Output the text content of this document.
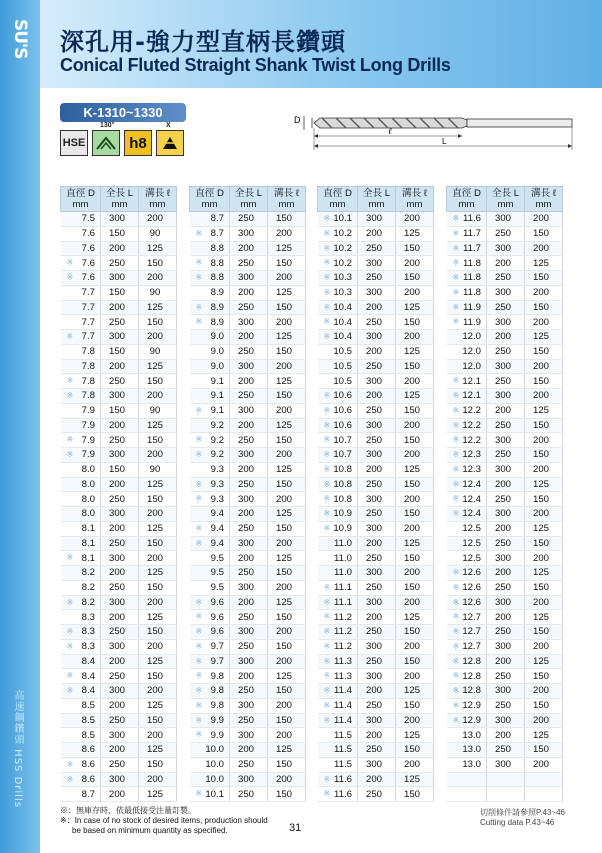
SU'S
高速鋼鑽頭 HSS Drills
深孔用-強力型直柄長鑽頭
Conical Fluted Straight Shank Twist Long Drills
K-1310~1330
HSE
130°
h8
X
D
ℓ
L
直徑 D
mm	全長 L
mm	溝長 ℓ
mm

7.5	300	200

7.6	150	90

7.6	200	125

※ 7.6	250	150

※ 7.6	300	200

7.7	150	90

7.7	200	125

7.7	250	150

※ 7.7	300	200

7.8	150	90

7.8	200	125

※ 7.8	250	150

※ 7.8	300	200

7.9	150	90

7.9	200	125

※ 7.9	250	150

※ 7.9	300	200

8.0	150	90

8.0	200	125

8.0	250	150

8.0	300	200

8.1	200	125

8.1	250	150

※ 8.1	300	200

8.2	200	125

8.2	250	150

※ 8.2	300	200

8.3	200	125

※ 8.3	250	150

※ 8.3	300	200

8.4	200	125

※ 8.4	250	150

※ 8.4	300	200

8.5	200	125

8.5	250	150

8.5	300	200

8.6	200	125

※ 8.6	250	150

※ 8.6	300	200

8.7	200	125
直徑 D
mm	全長 L
mm	溝長 ℓ
mm

8.7	250	150

※ 8.7	300	200

8.8	200	125

※ 8.8	250	150

※ 8.8	300	200

8.9	200	125

※ 8.9	250	150

※ 8.9	300	200

9.0	200	125

9.0	250	150

9.0	300	200

9.1	200	125

9.1	250	150

※ 9.1	300	200

9.2	200	125

※ 9.2	250	150

※ 9.2	300	200

9.3	200	125

※ 9.3	250	150

※ 9.3	300	200

9.4	200	125

※ 9.4	250	150

※ 9.4	300	200

9.5	200	125

9.5	250	150

9.5	300	200

※ 9.6	200	125

※ 9.6	250	150

※ 9.6	300	200

※ 9.7	250	150

※ 9.7	300	200

※ 9.8	200	125

※ 9.8	250	150

※ 9.8	300	200

※ 9.9	250	150

※ 9.9	300	200

10.0	200	125

10.0	250	150

10.0	300	200

※ 10.1	250	150
直徑 D
mm	全長 L
mm	溝長 ℓ
mm

※ 10.1	300	200

※ 10.2	200	125

※ 10.2	250	150

※ 10.2	300	200

※ 10.3	250	150

※ 10.3	300	200

※ 10.4	200	125

※ 10.4	250	150

※ 10.4	300	200

10.5	200	125

10.5	250	150

10.5	300	200

※ 10.6	200	125

※ 10.6	250	150

※ 10.6	300	200

※ 10.7	250	150

※ 10.7	300	200

※ 10.8	200	125

※ 10.8	250	150

※ 10.8	300	200

※ 10.9	250	150

※ 10.9	300	200

11.0	200	125

11.0	250	150

11.0	300	200

※ 11.1	250	150

※ 11.1	300	200

※ 11.2	200	125

※ 11.2	250	150

※ 11.2	300	200

※ 11.3	250	150

※ 11.3	300	200

※ 11.4	200	125

※ 11.4	250	150

※ 11.4	300	200

11.5	200	125

11.5	250	150

11.5	300	200

※ 11.6	200	125

※ 11.6	250	150
直徑 D
mm	全長 L
mm	溝長 ℓ
mm

※ 11.6	300	200

※ 11.7	250	150

※ 11.7	300	200

※ 11.8	200	125

※ 11.8	250	150

※ 11.8	300	200

※ 11.9	250	150

※ 11.9	300	200

12.0	200	125

12.0	250	150

12.0	300	200

※ 12.1	250	150

※ 12.1	300	200

※ 12.2	200	125

※ 12.2	250	150

※ 12.2	300	200

※ 12.3	250	150

※ 12.3	300	200

※ 12.4	200	125

※ 12.4	250	150

※ 12.4	300	200

12.5	200	125

12.5	250	150

12.5	300	200

※ 12.6	200	125

※ 12.6	250	150

※ 12.6	300	200

※ 12.7	200	125

※ 12.7	250	150

※ 12.7	300	200

※ 12.8	200	125

※ 12.8	250	150

※ 12.8	300	200

※ 12.9	250	150

※ 12.9	300	200

13.0	200	125

13.0	250	150

13.0	300	200

※：無庫存時，依最低接受注量訂製。
※：In case of no stock of desired items, production should
be based on minimum quantity as specified.	31
切削條件請參照P.43~46
Cutting data P.43~46
